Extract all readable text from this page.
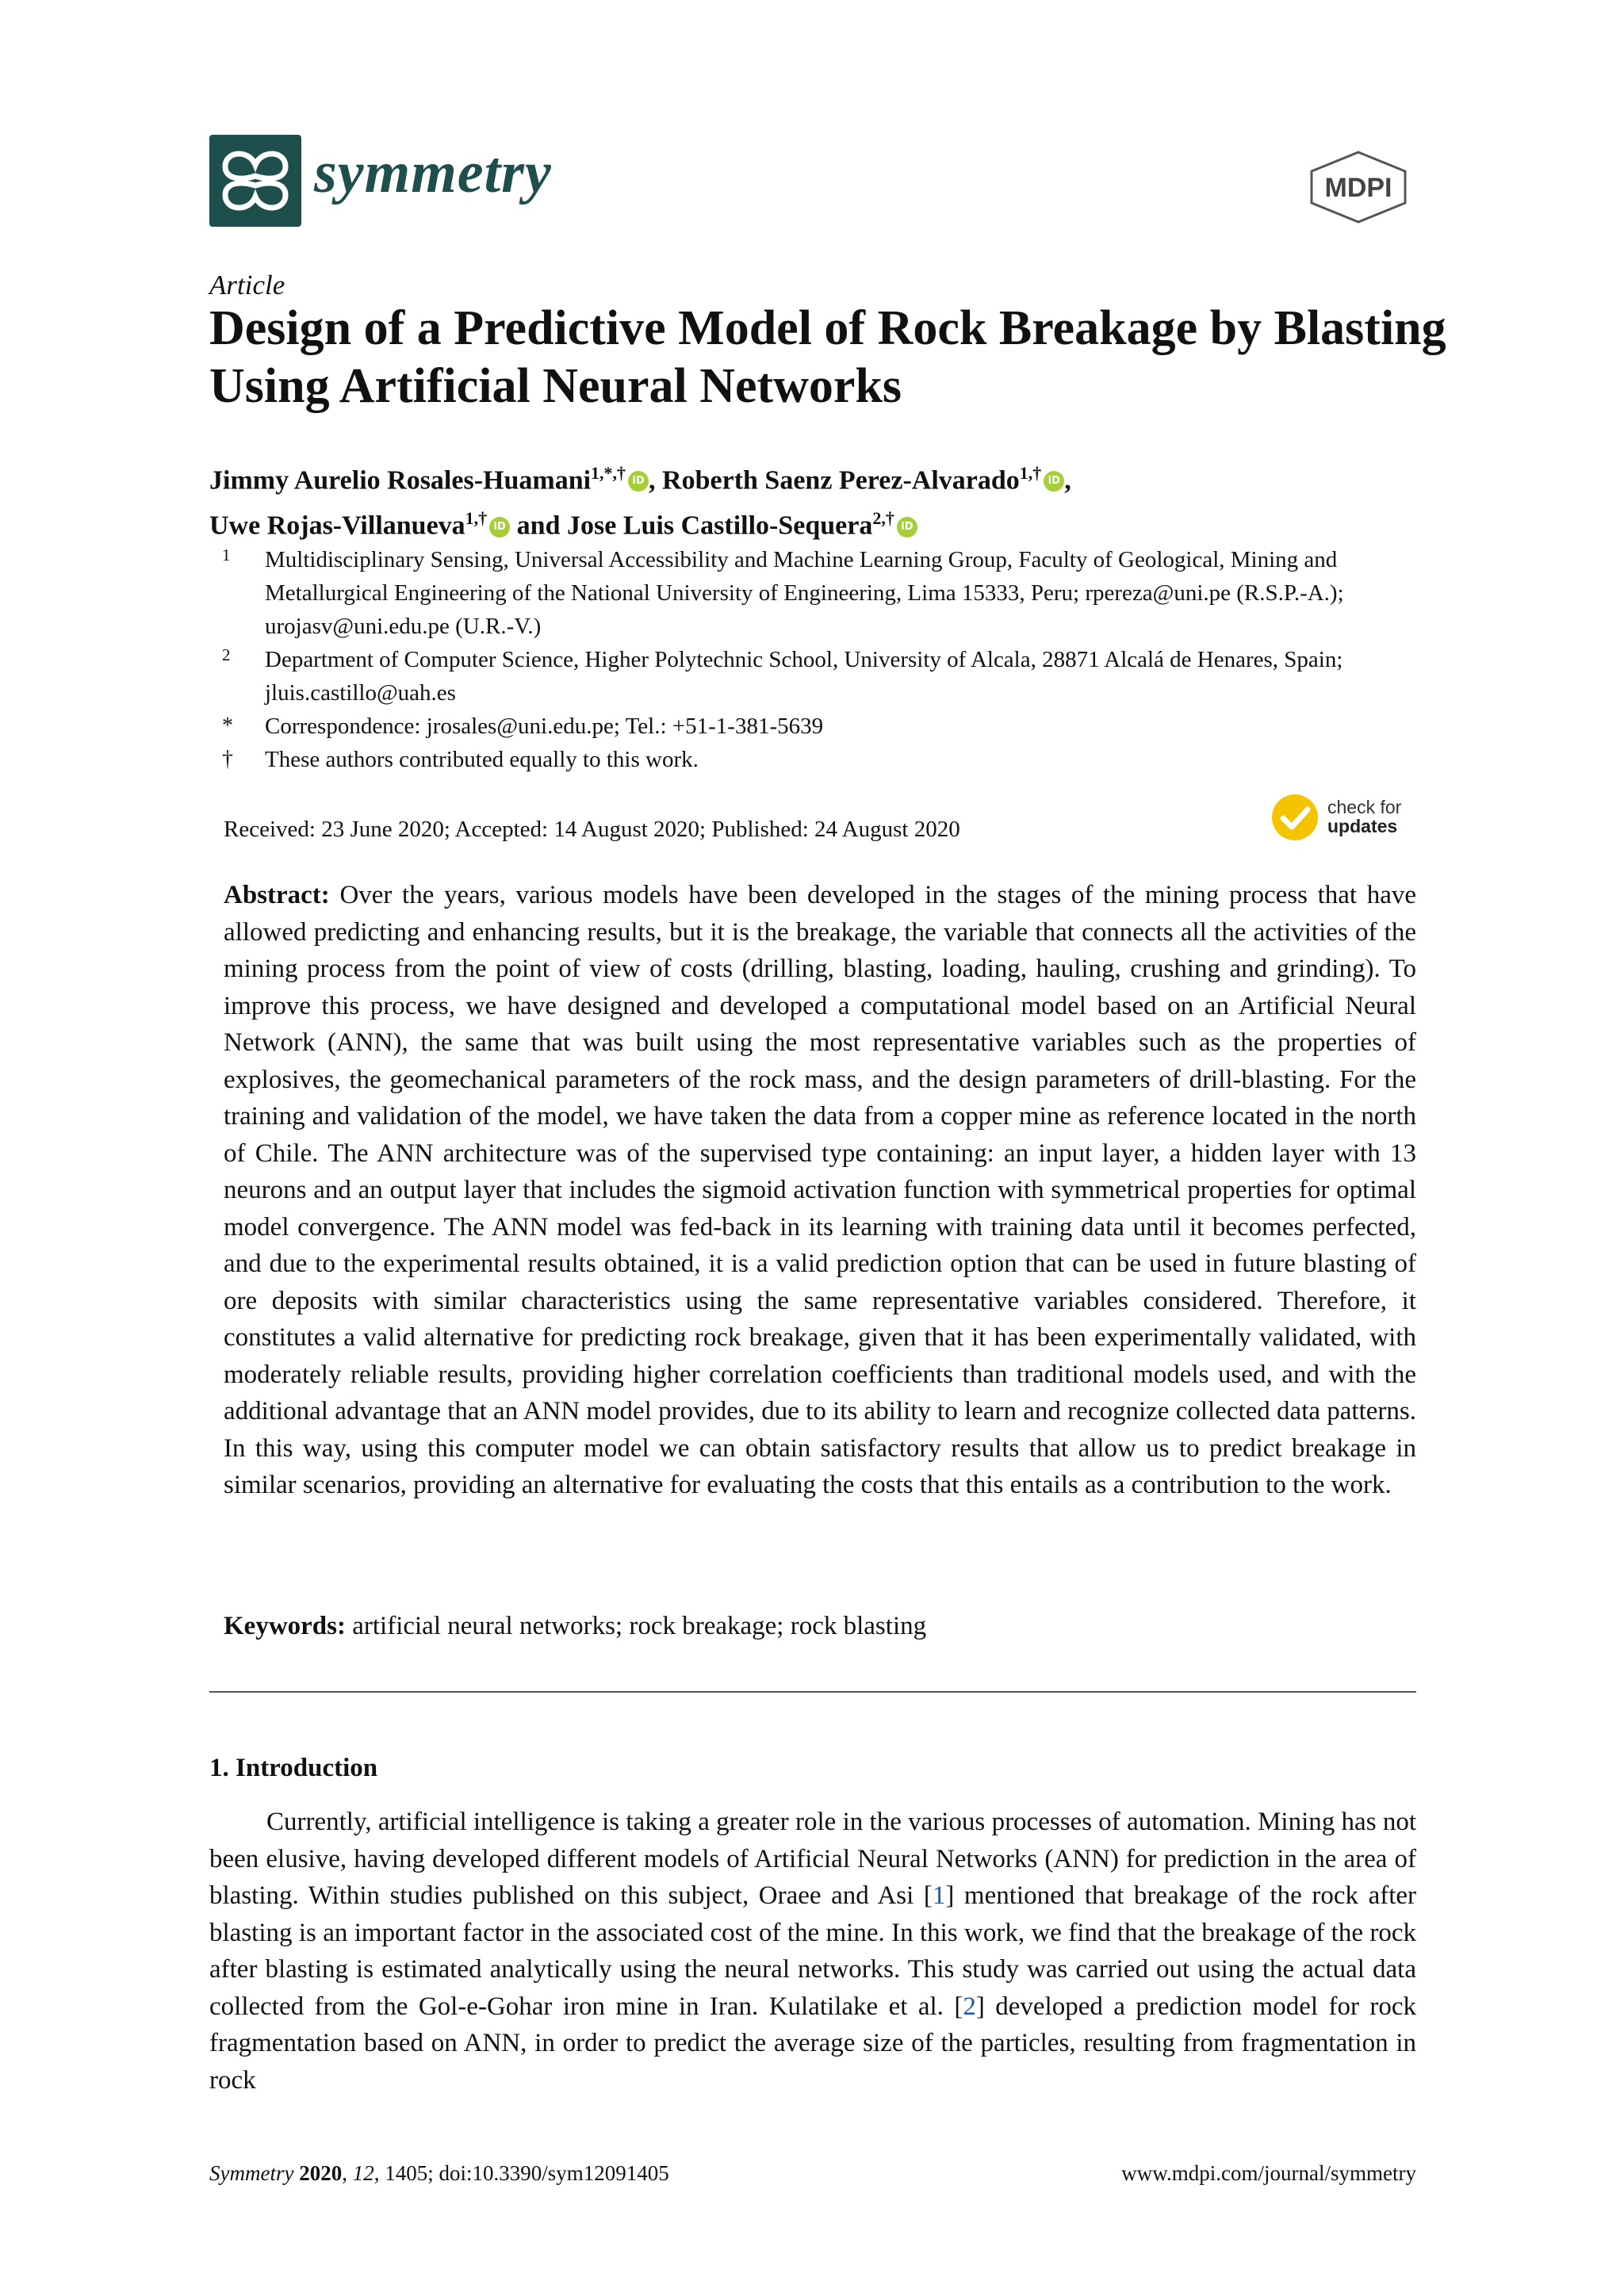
symmetry	MDPI
Article
Design of a Predictive Model of Rock Breakage by Blasting Using Artificial Neural Networks
Jimmy Aurelio Rosales-Huamani$^{1,*,\dagger}$ iD , Roberth Saenz Perez-Alvarado$^{1,\dagger}$ iD ,
Uwe Rojas-Villanueva$^{1,\dagger}$ iD and Jose Luis Castillo-Sequera$^{2,\dagger}$ iD
1 Multidisciplinary Sensing, Universal Accessibility and Machine Learning Group, Faculty of Geological, Mining and Metallurgical Engineering of the National University of Engineering, Lima 15333, Peru; rpereza@uni.pe (R.S.P.-A.); urojasv@uni.edu.pe (U.R.-V.)
2 Department of Computer Science, Higher Polytechnic School, University of Alcala, 28871 Alcalá de Henares, Spain; jluis.castillo@uah.es
* Correspondence: jrosales@uni.edu.pe; Tel.: +51-1-381-5639
† These authors contributed equally to this work.
Received: 23 June 2020; Accepted: 14 August 2020; Published: 24 August 2020
check for
updates
Abstract: Over the years, various models have been developed in the stages of the mining process that have allowed predicting and enhancing results, but it is the breakage, the variable that connects all the activities of the mining process from the point of view of costs (drilling, blasting, loading, hauling, crushing and grinding). To improve this process, we have designed and developed a computational model based on an Artificial Neural Network (ANN), the same that was built using the most representative variables such as the properties of explosives, the geomechanical parameters of the rock mass, and the design parameters of drill-blasting. For the training and validation of the model, we have taken the data from a copper mine as reference located in the north of Chile. The ANN architecture was of the supervised type containing: an input layer, a hidden layer with 13 neurons and an output layer that includes the sigmoid activation function with symmetrical properties for optimal model convergence. The ANN model was fed-back in its learning with training data until it becomes perfected, and due to the experimental results obtained, it is a valid prediction option that can be used in future blasting of ore deposits with similar characteristics using the same representative variables considered. Therefore, it constitutes a valid alternative for predicting rock breakage, given that it has been experimentally validated, with moderately reliable results, providing higher correlation coefficients than traditional models used, and with the additional advantage that an ANN model provides, due to its ability to learn and recognize collected data patterns. In this way, using this computer model we can obtain satisfactory results that allow us to predict breakage in similar scenarios, providing an alternative for evaluating the costs that this entails as a contribution to the work.
Keywords: artificial neural networks; rock breakage; rock blasting
1. Introduction
Currently, artificial intelligence is taking a greater role in the various processes of automation. Mining has not been elusive, having developed different models of Artificial Neural Networks (ANN) for prediction in the area of blasting. Within studies published on this subject, Oraee and Asi [1] mentioned that breakage of the rock after blasting is an important factor in the associated cost of the mine. In this work, we find that the breakage of the rock after blasting is estimated analytically using the neural networks. This study was carried out using the actual data collected from the Gol-e-Gohar iron mine in Iran. Kulatilake et al. [2] developed a prediction model for rock fragmentation based on ANN, in order to predict the average size of the particles, resulting from fragmentation in rock
Symmetry 2020, 12, 1405; doi:10.3390/sym12091405	www.mdpi.com/journal/symmetry
